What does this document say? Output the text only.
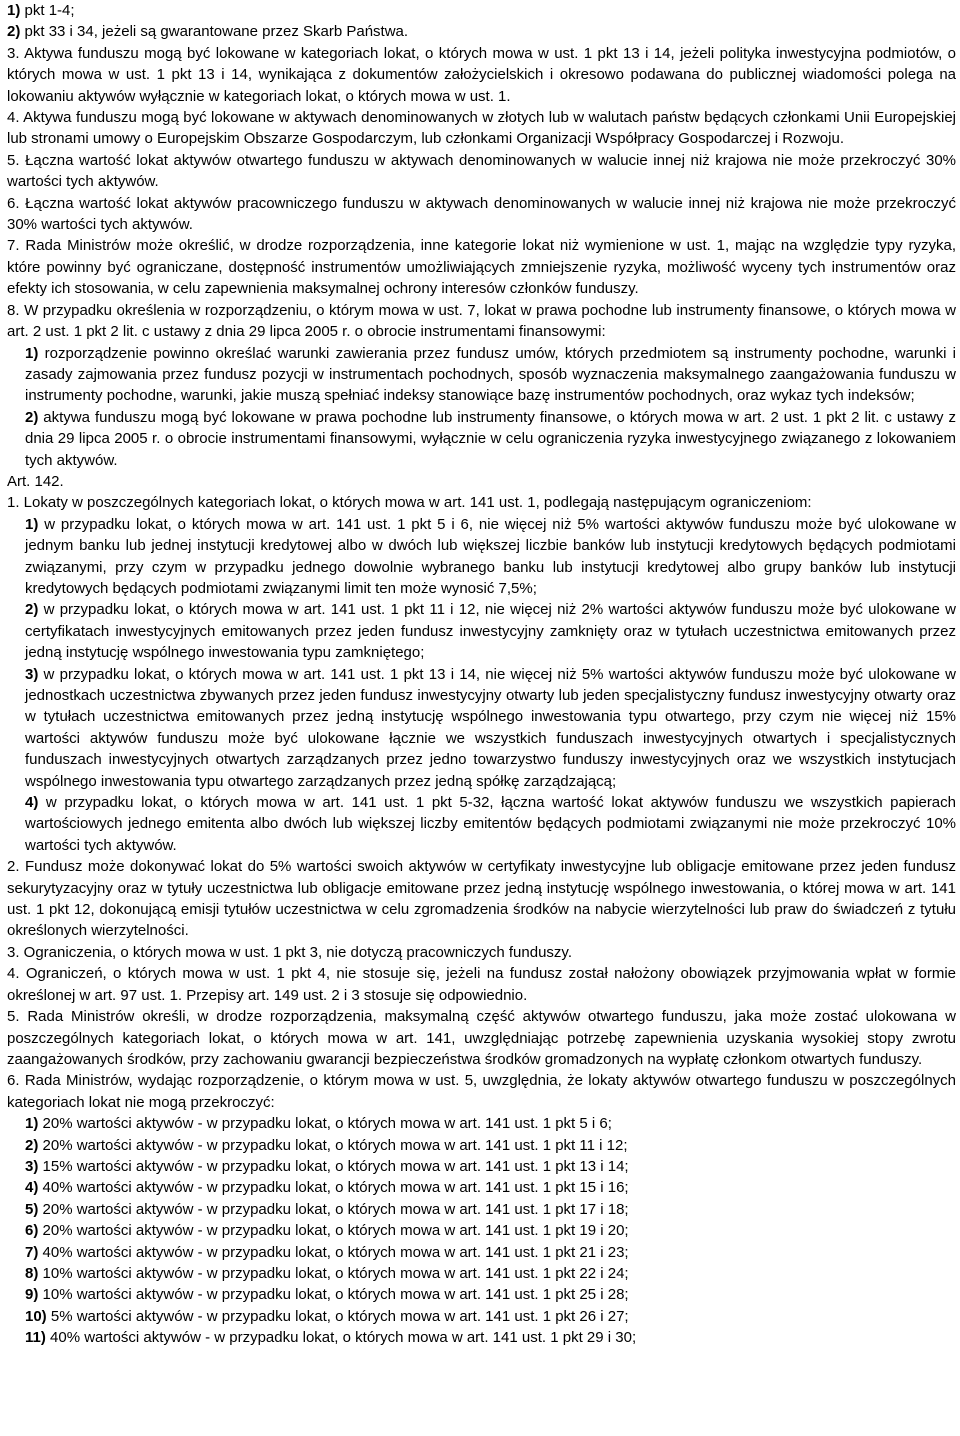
1) pkt 1-4;

2) pkt 33 i 34, jeżeli są gwarantowane przez Skarb Państwa.

3. Aktywa funduszu mogą być lokowane w kategoriach lokat, o których mowa w ust. 1 pkt 13 i 14, jeżeli polityka inwestycyjna podmiotów, o których mowa w ust. 1 pkt 13 i 14, wynikająca z dokumentów założycielskich i okresowo podawana do publicznej wiadomości polega na lokowaniu aktywów wyłącznie w kategoriach lokat, o których mowa w ust. 1.

4. Aktywa funduszu mogą być lokowane w aktywach denominowanych w złotych lub w walutach państw będących członkami Unii Europejskiej lub stronami umowy o Europejskim Obszarze Gospodarczym, lub członkami Organizacji Współpracy Gospodarczej i Rozwoju.

5. Łączna wartość lokat aktywów otwartego funduszu w aktywach denominowanych w walucie innej niż krajowa nie może przekroczyć 30% wartości tych aktywów.

6. Łączna wartość lokat aktywów pracowniczego funduszu w aktywach denominowanych w walucie innej niż krajowa nie może przekroczyć 30% wartości tych aktywów.

7. Rada Ministrów może określić, w drodze rozporządzenia, inne kategorie lokat niż wymienione w ust. 1, mając na względzie typy ryzyka, które powinny być ograniczane, dostępność instrumentów umożliwiających zmniejszenie ryzyka, możliwość wyceny tych instrumentów oraz efekty ich stosowania, w celu zapewnienia maksymalnej ochrony interesów członków funduszy.

8. W przypadku określenia w rozporządzeniu, o którym mowa w ust. 7, lokat w prawa pochodne lub instrumenty finansowe, o których mowa w art. 2 ust. 1 pkt 2 lit. c ustawy z dnia 29 lipca 2005 r. o obrocie instrumentami finansowymi:

1) rozporządzenie powinno określać warunki zawierania przez fundusz umów, których przedmiotem są instrumenty pochodne, warunki i zasady zajmowania przez fundusz pozycji w instrumentach pochodnych, sposób wyznaczenia maksymalnego zaangażowania funduszu w instrumenty pochodne, warunki, jakie muszą spełniać indeksy stanowiące bazę instrumentów pochodnych, oraz wykaz tych indeksów;

2) aktywa funduszu mogą być lokowane w prawa pochodne lub instrumenty finansowe, o których mowa w art. 2 ust. 1 pkt 2 lit. c ustawy z dnia 29 lipca 2005 r. o obrocie instrumentami finansowymi, wyłącznie w celu ograniczenia ryzyka inwestycyjnego związanego z lokowaniem tych aktywów.

Art. 142.

1. Lokaty w poszczególnych kategoriach lokat, o których mowa w art. 141 ust. 1, podlegają następującym ograniczeniom:

1) w przypadku lokat, o których mowa w art. 141 ust. 1 pkt 5 i 6, nie więcej niż 5% wartości aktywów funduszu może być ulokowane w jednym banku lub jednej instytucji kredytowej albo w dwóch lub większej liczbie banków lub instytucji kredytowych będących podmiotami związanymi, przy czym w przypadku jednego dowolnie wybranego banku lub instytucji kredytowej albo grupy banków lub instytucji kredytowych będących podmiotami związanymi limit ten może wynosić 7,5%;

2) w przypadku lokat, o których mowa w art. 141 ust. 1 pkt 11 i 12, nie więcej niż 2% wartości aktywów funduszu może być ulokowane w certyfikatach inwestycyjnych emitowanych przez jeden fundusz inwestycyjny zamknięty oraz w tytułach uczestnictwa emitowanych przez jedną instytucję wspólnego inwestowania typu zamkniętego;

3) w przypadku lokat, o których mowa w art. 141 ust. 1 pkt 13 i 14, nie więcej niż 5% wartości aktywów funduszu może być ulokowane w jednostkach uczestnictwa zbywanych przez jeden fundusz inwestycyjny otwarty lub jeden specjalistyczny fundusz inwestycyjny otwarty oraz w tytułach uczestnictwa emitowanych przez jedną instytucję wspólnego inwestowania typu otwartego, przy czym nie więcej niż 15% wartości aktywów funduszu może być ulokowane łącznie we wszystkich funduszach inwestycyjnych otwartych i specjalistycznych funduszach inwestycyjnych otwartych zarządzanych przez jedno towarzystwo funduszy inwestycyjnych oraz we wszystkich instytucjach wspólnego inwestowania typu otwartego zarządzanych przez jedną spółkę zarządzającą;

4) w przypadku lokat, o których mowa w art. 141 ust. 1 pkt 5-32, łączna wartość lokat aktywów funduszu we wszystkich papierach wartościowych jednego emitenta albo dwóch lub większej liczby emitentów będących podmiotami związanymi nie może przekroczyć 10% wartości tych aktywów.

2. Fundusz może dokonywać lokat do 5% wartości swoich aktywów w certyfikaty inwestycyjne lub obligacje emitowane przez jeden fundusz sekurytyzacyjny oraz w tytuły uczestnictwa lub obligacje emitowane przez jedną instytucję wspólnego inwestowania, o której mowa w art. 141 ust. 1 pkt 12, dokonującą emisji tytułów uczestnictwa w celu zgromadzenia środków na nabycie wierzytelności lub praw do świadczeń z tytułu określonych wierzytelności.

3. Ograniczenia, o których mowa w ust. 1 pkt 3, nie dotyczą pracowniczych funduszy.

4. Ograniczeń, o których mowa w ust. 1 pkt 4, nie stosuje się, jeżeli na fundusz został nałożony obowiązek przyjmowania wpłat w formie określonej w art. 97 ust. 1. Przepisy art. 149 ust. 2 i 3 stosuje się odpowiednio.

5. Rada Ministrów określi, w drodze rozporządzenia, maksymalną część aktywów otwartego funduszu, jaka może zostać ulokowana w poszczególnych kategoriach lokat, o których mowa w art. 141, uwzględniając potrzebę zapewnienia uzyskania wysokiej stopy zwrotu zaangażowanych środków, przy zachowaniu gwarancji bezpieczeństwa środków gromadzonych na wypłatę członkom otwartych funduszy.

6. Rada Ministrów, wydając rozporządzenie, o którym mowa w ust. 5, uwzględnia, że lokaty aktywów otwartego funduszu w poszczególnych kategoriach lokat nie mogą przekroczyć:

1) 20% wartości aktywów - w przypadku lokat, o których mowa w art. 141 ust. 1 pkt 5 i 6;

2) 20% wartości aktywów - w przypadku lokat, o których mowa w art. 141 ust. 1 pkt 11 i 12;

3) 15% wartości aktywów - w przypadku lokat, o których mowa w art. 141 ust. 1 pkt 13 i 14;

4) 40% wartości aktywów - w przypadku lokat, o których mowa w art. 141 ust. 1 pkt 15 i 16;

5) 20% wartości aktywów - w przypadku lokat, o których mowa w art. 141 ust. 1 pkt 17 i 18;

6) 20% wartości aktywów - w przypadku lokat, o których mowa w art. 141 ust. 1 pkt 19 i 20;

7) 40% wartości aktywów - w przypadku lokat, o których mowa w art. 141 ust. 1 pkt 21 i 23;

8) 10% wartości aktywów - w przypadku lokat, o których mowa w art. 141 ust. 1 pkt 22 i 24;

9) 10% wartości aktywów - w przypadku lokat, o których mowa w art. 141 ust. 1 pkt 25 i 28;

10) 5% wartości aktywów - w przypadku lokat, o których mowa w art. 141 ust. 1 pkt 26 i 27;

11) 40% wartości aktywów - w przypadku lokat, o których mowa w art. 141 ust. 1 pkt 29 i 30;
